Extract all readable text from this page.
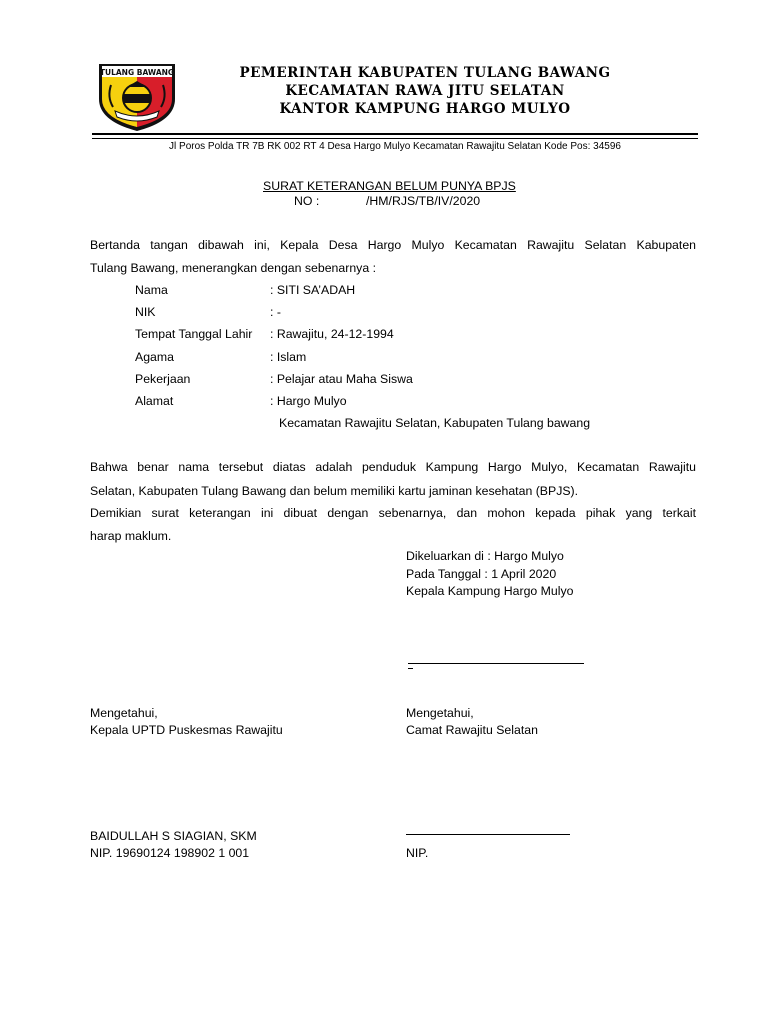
TULANG BAWANG	PEMERINTAH KABUPATEN TULANG BAWANG
KECAMATAN RAWA JITU SELATAN
KANTOR KAMPUNG HARGO MULYO
Jl Poros Polda TR 7B RK 002 RT 4 Desa Hargo Mulyo Kecamatan Rawajitu Selatan Kode Pos: 34596
SURAT KETERANGAN BELUM PUNYA BPJS
NO :	/HM/RJS/TB/IV/2020
Bertanda tangan dibawah ini, Kepala Desa Hargo Mulyo Kecamatan Rawajitu Selatan Kabupaten
Tulang Bawang, menerangkan dengan sebenarnya :
Nama	: SITI SA’ADAH
NIK	: -
Tempat Tanggal Lahir : Rawajitu, 24-12-1994
Agama	: Islam
Pekerjaan	: Pelajar atau Maha Siswa
Alamat	: Hargo Mulyo
Kecamatan Rawajitu Selatan, Kabupaten Tulang bawang
Bahwa benar nama tersebut diatas adalah penduduk Kampung Hargo Mulyo, Kecamatan Rawajitu
Selatan, Kabupaten Tulang Bawang dan belum memiliki kartu jaminan kesehatan (BPJS).
Demikian surat keterangan ini dibuat dengan sebenarnya, dan mohon kepada pihak yang terkait
harap maklum.
Dikeluarkan di : Hargo Mulyo
Pada Tanggal : 1 April 2020
Kepala Kampung Hargo Mulyo
Mengetahui,
Kepala UPTD Puskesmas Rawajitu
BAIDULLAH S SIAGIAN, SKM
NIP. 19690124 198902 1 001
Mengetahui,
Camat Rawajitu Selatan
NIP.
